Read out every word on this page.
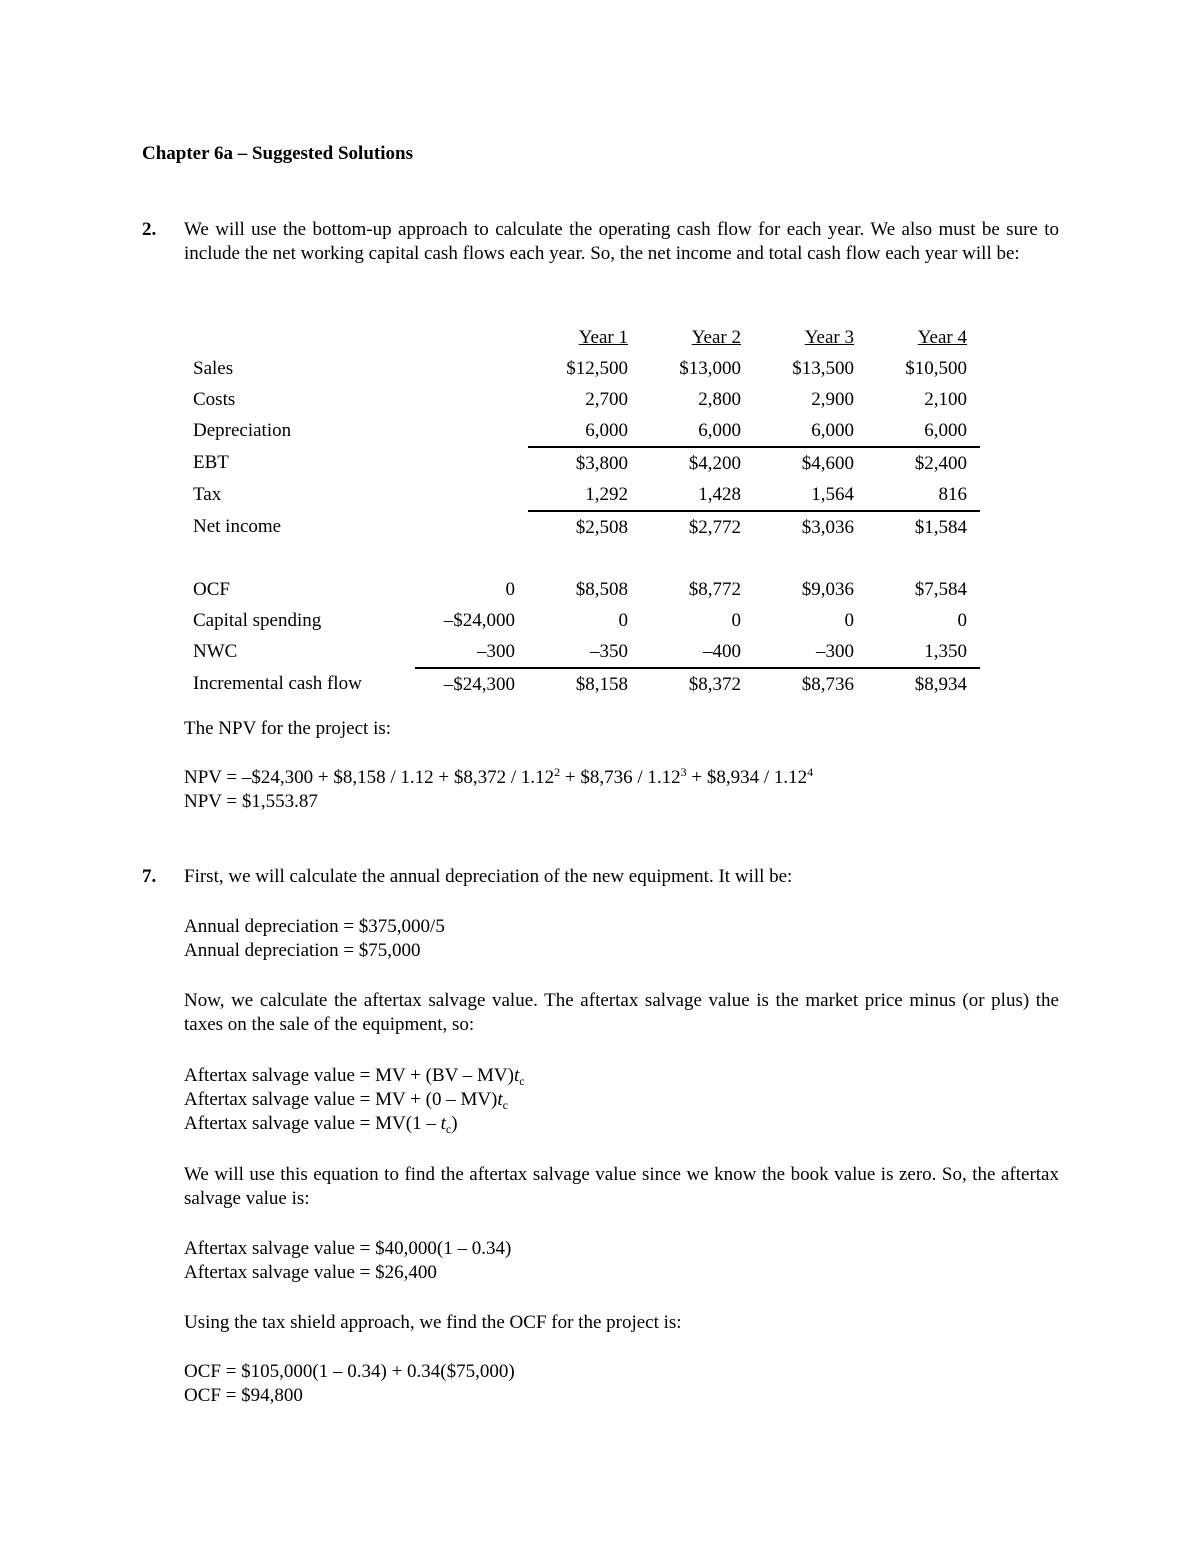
Chapter 6a – Suggested Solutions
2.	We will use the bottom-up approach to calculate the operating cash flow for each year. We also must be sure to include the net working capital cash flows each year. So, the net income and total cash flow each year will be:
		Year 1	Year 2	Year 3	Year 4
Sales		$12,500	$13,000	$13,500	$10,500
Costs		2,700	2,800	2,900	2,100
Depreciation		6,000	6,000	6,000	6,000
EBT		$3,800	$4,200	$4,600	$2,400
Tax		1,292	1,428	1,564	816
Net income		$2,508	$2,772	$3,036	$1,584

OCF	0	$8,508	$8,772	$9,036	$7,584
Capital spending	–$24,000	0	0	0	0
NWC	–300	–350	–400	–300	1,350
Incremental cash flow	–$24,300	$8,158	$8,372	$8,736	$8,934
The NPV for the project is:
NPV = –$24,300 + $8,158 / 1.12 + $8,372 / $1.12^2$ + $8,736 / $1.12^3$ + $8,934 / 1.12$^4$
NPV = $1,553.87
7.	First, we will calculate the annual depreciation of the new equipment. It will be:
Annual depreciation = $375,000/5
Annual depreciation = $75,000
Now, we calculate the aftertax salvage value. The aftertax salvage value is the market price minus (or plus) the taxes on the sale of the equipment, so:
Aftertax salvage value = MV + $(BV - MV)t_c$
Aftertax salvage value = MV + $(0 - MV)t_c$
Aftertax salvage value = $MV(1 - t_c)$
We will use this equation to find the aftertax salvage value since we know the book value is zero. So, the aftertax salvage value is:
Aftertax salvage value = $40,000(1 – 0.34)
Aftertax salvage value = $26,400
Using the tax shield approach, we find the OCF for the project is:
OCF = $105,000(1 – 0.34) + 0.34($75,000)
OCF = $94,800
